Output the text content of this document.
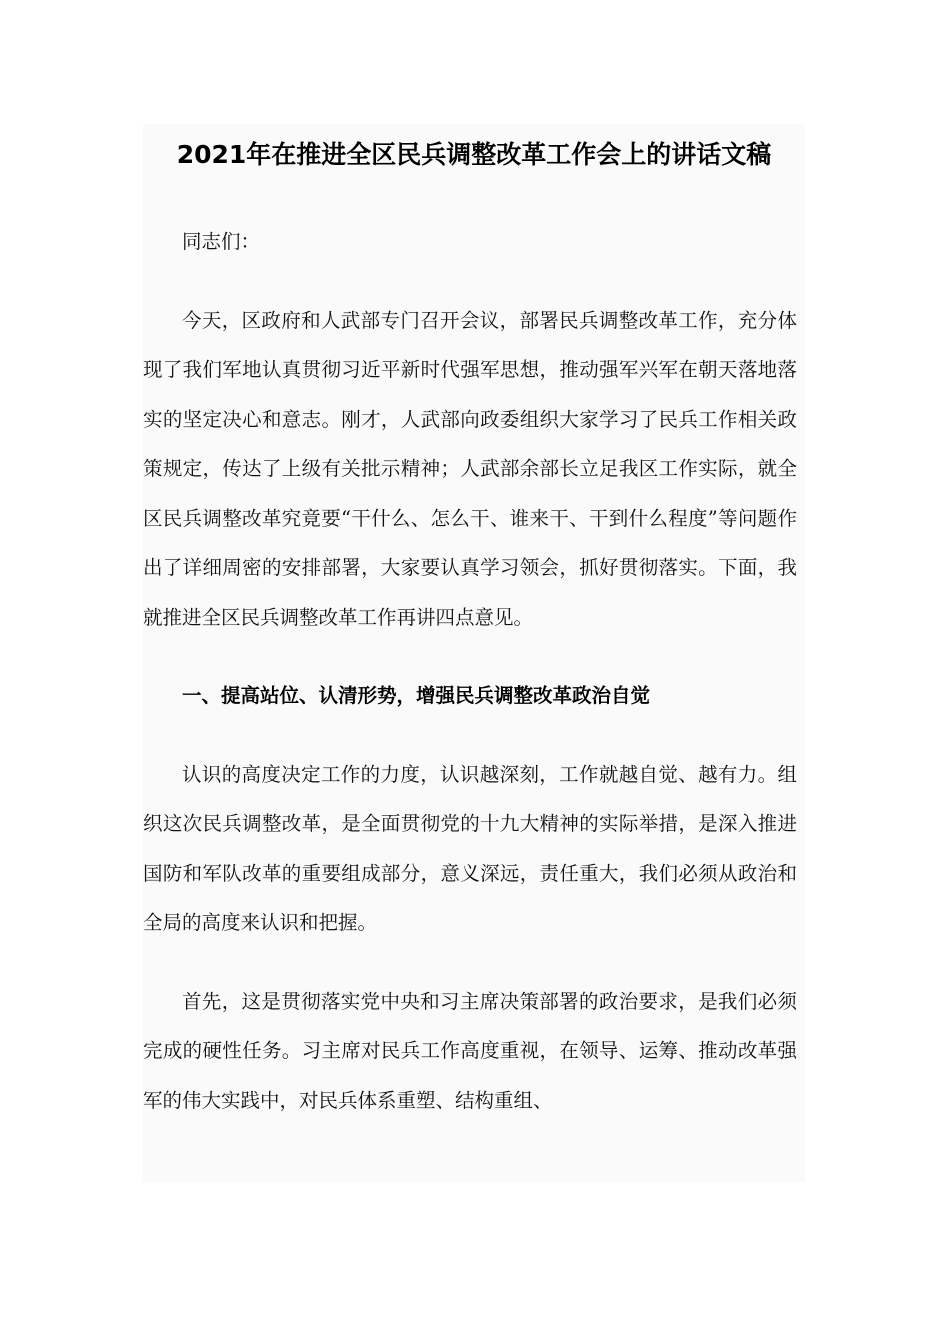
2021年在推进全区民兵调整改革工作会上的讲话文稿

同志们：

今天，区政府和人武部专门召开会议，部署民兵调整改革工作，充分体现了我们军地认真贯彻习近平新时代强军思想，推动强军兴军在朝天落地落实的坚定决心和意志。刚才，人武部向政委组织大家学习了民兵工作相关政策规定，传达了上级有关批示精神；人武部余部长立足我区工作实际，就全区民兵调整改革究竟要“干什么、怎么干、谁来干、干到什么程度”等问题作出了详细周密的安排部署，大家要认真学习领会，抓好贯彻落实。下面，我就推进全区民兵调整改革工作再讲四点意见。

一、提高站位、认清形势，增强民兵调整改革政治自觉

认识的高度决定工作的力度，认识越深刻，工作就越自觉、越有力。组织这次民兵调整改革，是全面贯彻党的十九大精神的实际举措，是深入推进国防和军队改革的重要组成部分，意义深远，责任重大，我们必须从政治和全局的高度来认识和把握。

首先，这是贯彻落实党中央和习主席决策部署的政治要求，是我们必须完成的硬性任务。习主席对民兵工作高度重视，在领导、运筹、推动改革强军的伟大实践中，对民兵体系重塑、结构重组、
